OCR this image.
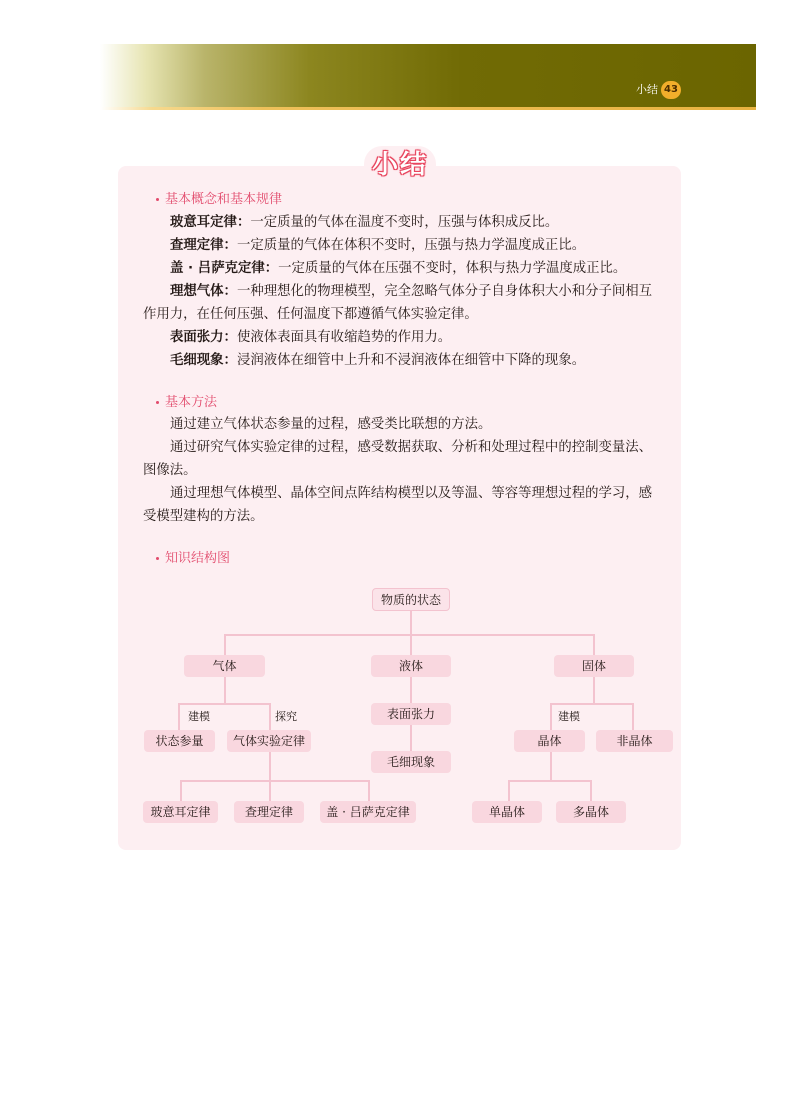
小结 43
小结
基本概念和基本规律

玻意耳定律：一定质量的气体在温度不变时，压强与体积成反比。

查理定律：一定质量的气体在体积不变时，压强与热力学温度成正比。

盖 · 吕萨克定律：一定质量的气体在压强不变时，体积与热力学温度成正比。

理想气体：一种理想化的物理模型，完全忽略气体分子自身体积大小和分子间相互作用力，在任何压强、任何温度下都遵循气体实验定律。

表面张力：使液体表面具有收缩趋势的作用力。

毛细现象：浸润液体在细管中上升和不浸润液体在细管中下降的现象。

基本方法

通过建立气体状态参量的过程，感受类比联想的方法。

通过研究气体实验定律的过程，感受数据获取、分析和处理过程中的控制变量法、图像法。

通过理想气体模型、晶体空间点阵结构模型以及等温、等容等理想过程的学习，感受模型建构的方法。

知识结构图
物质的状态
气体	液体	固体
建模	探究	建模
状态参量	气体实验定律
表面张力
毛细现象
晶体	非晶体
玻意耳定律	查理定律	盖 · 吕萨克定律	单晶体	多晶体
